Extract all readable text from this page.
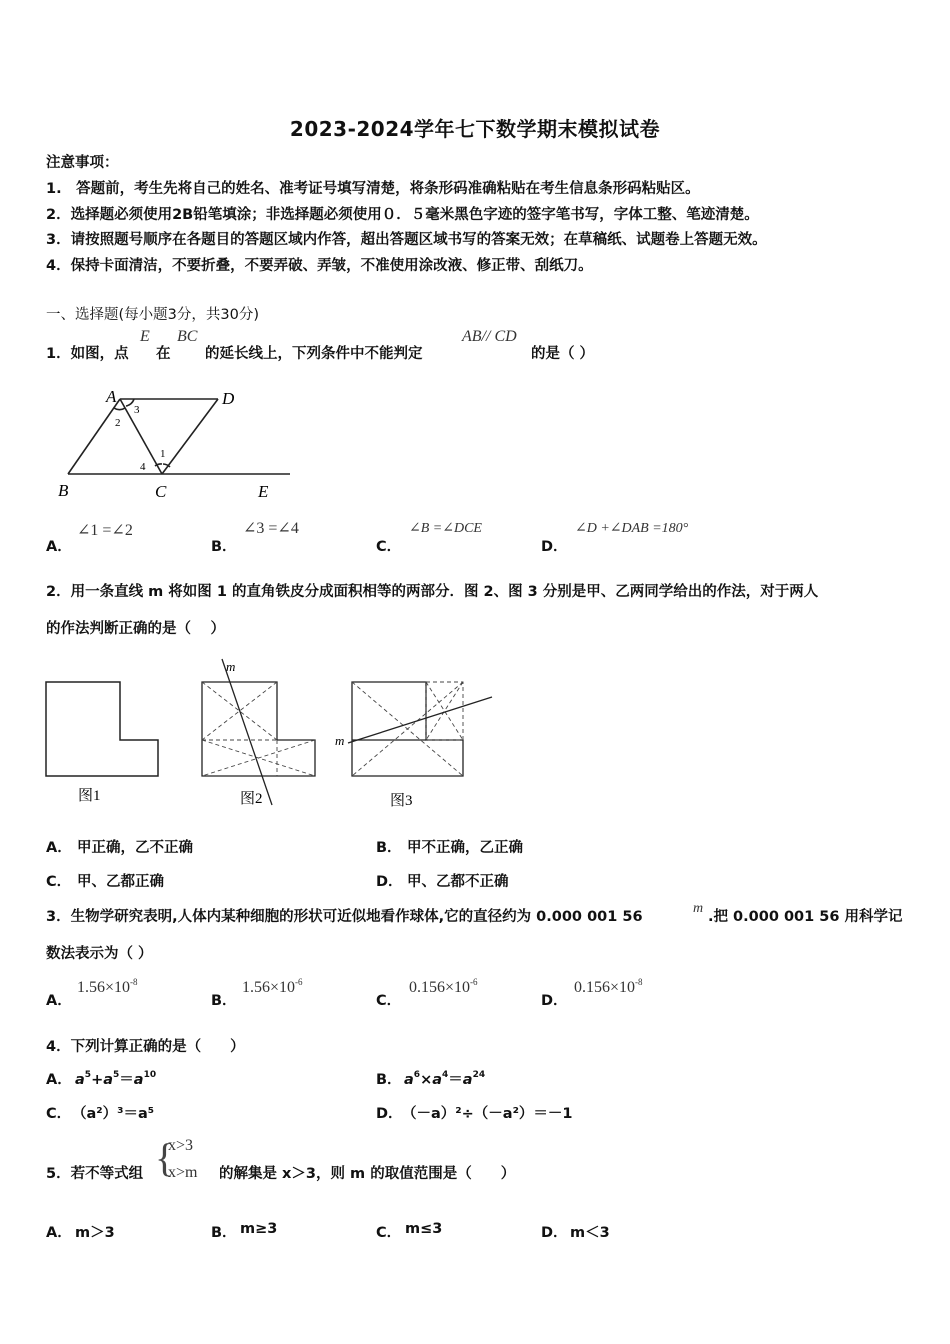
2023-2024学年七下数学期末模拟试卷
注意事项：
1.　答题前，考生先将自己的姓名、准考证号填写清楚，将条形码准确粘贴在考生信息条形码粘贴区。
2．选择题必须使用2B铅笔填涂；非选择题必须使用０．５毫米黑色字迹的签字笔书写，字体工整、笔迹清楚。
3．请按照题号顺序在各题目的答题区域内作答，超出答题区域书写的答案无效；在草稿纸、试题卷上答题无效。
4．保持卡面清洁，不要折叠，不要弄破、弄皱，不准使用涂改液、修正带、刮纸刀。
一、选择题(每小题3分，共30分)
1．如图，点
E
在
BC
的延长线上，下列条件中不能判定
AB// CD
的是（ ）
A	D
B	C	E
2
3
1
4
A．
∠1 =∠2
B．
∠3 =∠4
C．
∠B =∠DCE
D．
∠D +∠DAB =180°
2．用一条直线 m 将如图 1 的直角铁皮分成面积相等的两部分．图 2、图 3 分别是甲、乙两同学给出的作法，对于两人
的作法判断正确的是（　 ）
图1
m
图2
m
图3
A． 甲正确，乙不正确	B． 甲不正确，乙正确
C． 甲、乙都正确	D． 甲、乙都不正确
3．生物学研究表明,人体内某种细胞的形状可近似地看作球体,它的直径约为 0.000 001 56
m
.把 0.000 001 56 用科学记
数法表示为（ ）
A．
$1.56\times 10^{-8}$
B．
$1.56\times 10^{-6}$
C．
$0.156\times 10^{-6}$
D．
$0.156\times 10^{-8}$
4．下列计算正确的是（　　）
A． $a^5+a^5=a^{10}$	B． $a^6\times a^4=a^{24}$
C． （a²）³＝a⁵	D． （－a）²÷（－a²）＝－1
5．若不等式组 {
x>3
x>m 的解集是 x＞3，则 m 的取值范围是（　　）
A． m＞3	B． m≥3	C． m≤3	D． m＜3
